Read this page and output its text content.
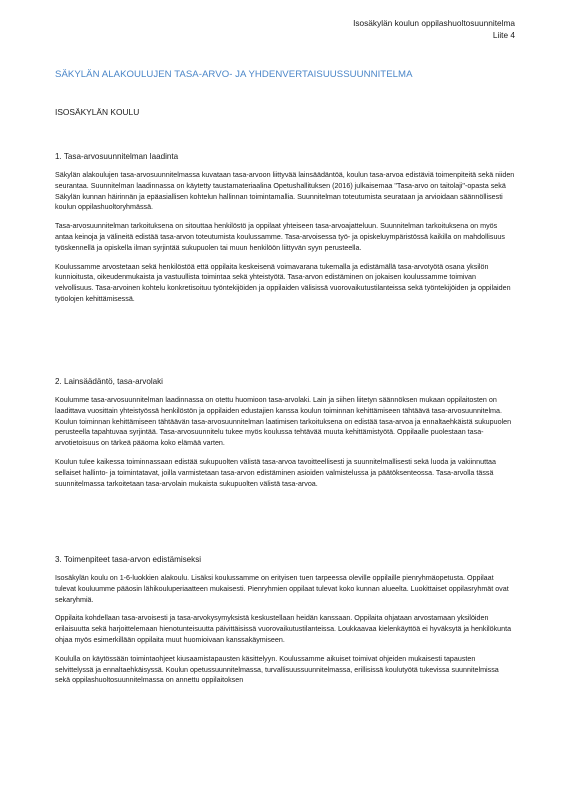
Isosäkylän koulun oppilashuoltosuunnitelma
Liite 4
SÄKYLÄN ALAKOULUJEN TASA-ARVO- JA YHDENVERTAISUUSSUUNNITELMA
ISOSÄKYLÄN KOULU
1. Tasa-arvosuunnitelman laadinta

Säkylän alakoulujen tasa-arvosuunnitelmassa kuvataan tasa-arvoon liittyvää lainsäädäntöä, koulun tasa-arvoa edistäviä toimenpiteitä sekä niiden seurantaa. Suunnitelman laadinnassa on käytetty taustamateriaalina Opetushallituksen (2016) julkaisemaa "Tasa-arvo on taitolaji"-opasta sekä Säkylän kunnan häirinnän ja epäasiallisen kohtelun hallinnan toimintamallia. Suunnitelman toteutumista seurataan ja arvioidaan säännöllisesti koulun oppilashuoltoryhmässä.

Tasa-arvosuunnitelman tarkoituksena on sitouttaa henkilöstö ja oppilaat yhteiseen tasa-arvoajatteluun. Suunnitelman tarkoituksena on myös antaa keinoja ja välineitä edistää tasa-arvon toteutumista koulussamme. Tasa-arvoisessa työ- ja opiskeluympäristössä kaikilla on mahdollisuus työskennellä ja opiskella ilman syrjintää sukupuolen tai muun henkilöön liittyvän syyn perusteella.

Koulussamme arvostetaan sekä henkilöstöä että oppilaita keskeisenä voimavarana tukemalla ja edistämällä tasa-arvotyötä osana yksilön kunnioitusta, oikeudenmukaista ja vastuullista toimintaa sekä yhteistyötä. Tasa-arvon edistäminen on jokaisen koulussamme toimivan velvollisuus. Tasa-arvoinen kohtelu konkretisoituu työntekijöiden ja oppilaiden välisissä vuorovaikutustilanteissa sekä työntekijöiden ja oppilaiden työolojen kehittämisessä.

2. Lainsäädäntö, tasa-arvolaki

Koulumme tasa-arvosuunnitelman laadinnassa on otettu huomioon tasa-arvolaki. Lain ja siihen liitetyn säännöksen mukaan oppilaitosten on laadittava vuosittain yhteistyössä henkilöstön ja oppilaiden edustajien kanssa koulun toiminnan kehittämiseen tähtäävä tasa-arvosuunnitelma. Koulun toiminnan kehittämiseen tähtäävän tasa-arvosuunnitelman laatimisen tarkoituksena on edistää tasa-arvoa ja ennaltaehkäistä sukupuolen perusteella tapahtuvaa syrjintää. Tasa-arvosuunnitelu tukee myös koulussa tehtävää muuta kehittämistyötä. Oppilaalle puolestaan tasa-arvotietoisuus on tärkeä pääoma koko elämää varten.

Koulun tulee kaikessa toiminnassaan edistää sukupuolten välistä tasa-arvoa tavoitteellisesti ja suunnitelmallisesti sekä luoda ja vakiinnuttaa sellaiset hallinto- ja toimintatavat, joilla varmistetaan tasa-arvon edistäminen asioiden valmistelussa ja päätöksenteossa. Tasa-arvolla tässä suunnitelmassa tarkoitetaan tasa-arvolain mukaista sukupuolten välistä tasa-arvoa.

3. Toimenpiteet tasa-arvon edistämiseksi

Isosäkylän koulu on 1-6-luokkien alakoulu. Lisäksi koulussamme on erityisen tuen tarpeessa oleville oppilaille pienryhmäopetusta. Oppilaat tulevat kouluumme pääosin lähikouluperiaatteen mukaisesti. Pienryhmien oppilaat tulevat koko kunnan alueelta. Luokittaiset oppilasryhmät ovat sekaryhmiä.

Oppilaita kohdellaan tasa-arvoisesti ja tasa-arvokysymyksistä keskustellaan heidän kanssaan. Oppilaita ohjataan arvostamaan yksilöiden erilaisuutta sekä harjoittelemaan hienotunteisuutta päivittäisissä vuorovaikutustilanteissa. Loukkaavaa kielenkäyttöä ei hyväksytä ja henkilökunta ohjaa myös esimerkillään oppilaita muut huomioivaan kanssakäymiseen.

Koululla on käytössään toimintaohjeet kiusaamistapausten käsittelyyn. Koulussamme aikuiset toimivat ohjeiden mukaisesti tapausten selvittelyssä ja ennaltaehkäisyssä. Koulun opetussuunnitelmassa, turvallisuussuunnitelmassa, erillisissä koulutyötä tukevissa suunnitelmissa sekä oppilashuoltosuunnitelmassa on annettu oppilaitoksen
